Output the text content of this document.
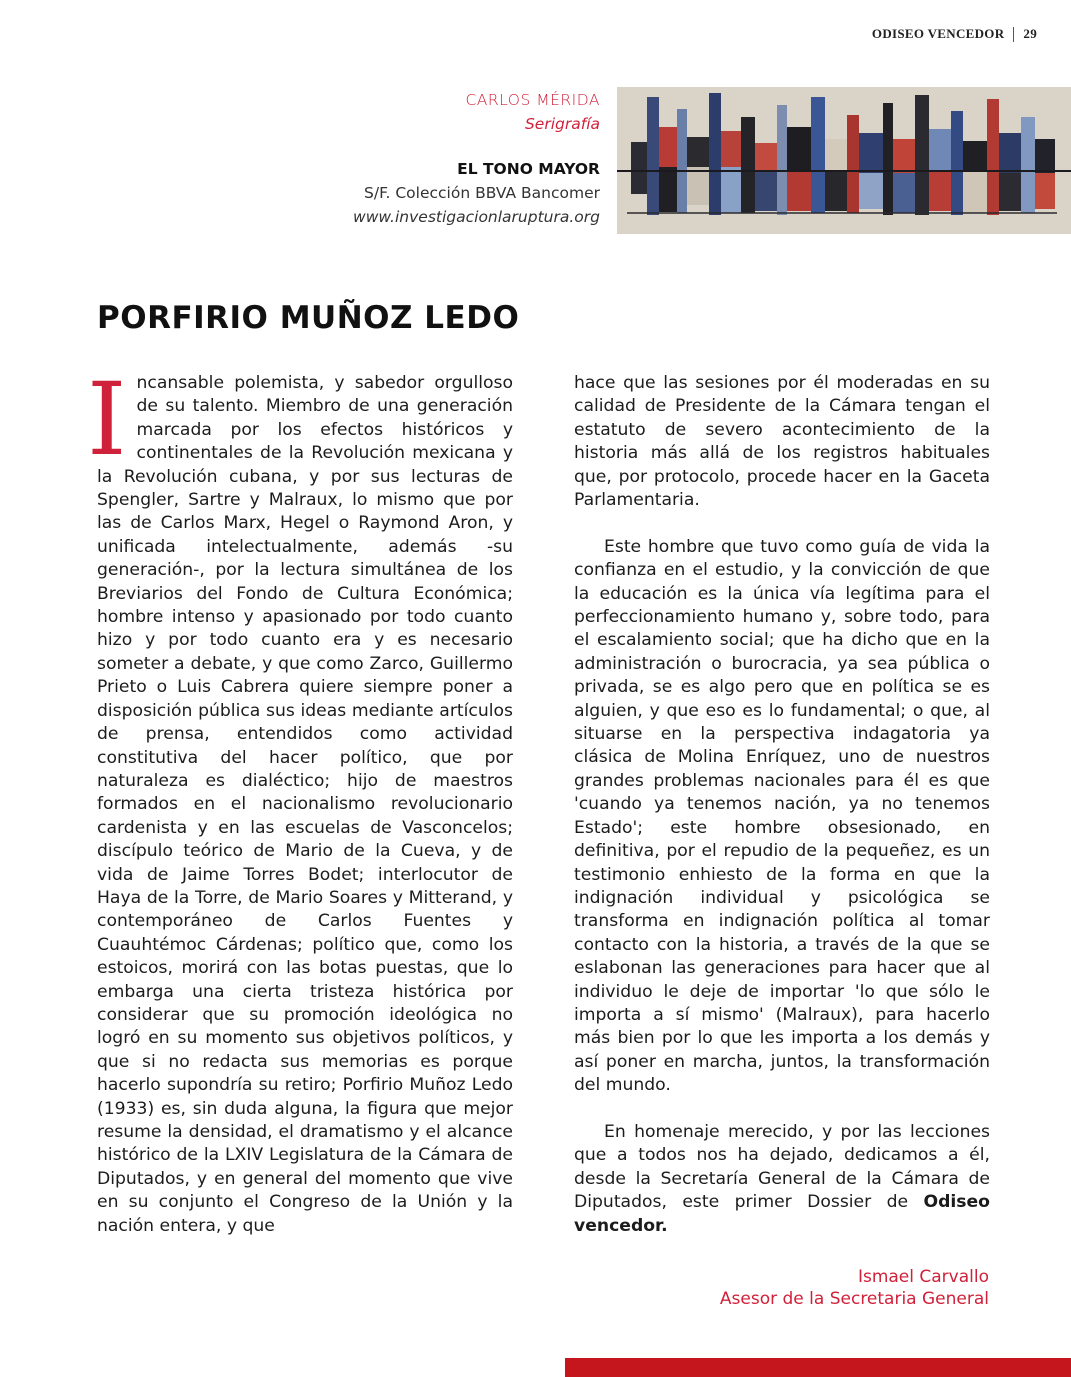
ODISEO VENCEDOR 29
CARLOS MÉRIDA
Serigrafía
EL TONO MAYOR
S/F. Colección BBVA Bancomer
www.investigacionlaruptura.org
PORFIRIO MUÑOZ LEDO
I ncansable polemista, y sabedor orgulloso de su talento. Miembro de una generación marcada por los efectos históricos y continentales de la Revolución mexicana y la Revolución cubana, y por sus lecturas de Spengler, Sartre y Malraux, lo mismo que por las de Carlos Marx, Hegel o Raymond Aron, y unificada intelectualmente, además -su generación-, por la lectura simultánea de los Breviarios del Fondo de Cultura Económica; hombre intenso y apasionado por todo cuanto hizo y por todo cuanto era y es necesario someter a debate, y que como Zarco, Guillermo Prieto o Luis Cabrera quiere siempre poner a disposición pública sus ideas mediante artículos de prensa, entendidos como actividad constitutiva del hacer político, que por naturaleza es dialéctico; hijo de maestros formados en el nacionalismo revolucionario cardenista y en las escuelas de Vasconcelos; discípulo teórico de Mario de la Cueva, y de vida de Jaime Torres Bodet; interlocutor de Haya de la Torre, de Mario Soares y Mitterand, y contemporáneo de Carlos Fuentes y Cuauhtémoc Cárdenas; político que, como los estoicos, morirá con las botas puestas, que lo embarga una cierta tristeza histórica por considerar que su promoción ideológica no logró en su momento sus objetivos políticos, y que si no redacta sus memorias es porque hacerlo supondría su retiro; Porfirio Muñoz Ledo (1933) es, sin duda alguna, la figura que mejor resume la densidad, el dramatismo y el alcance histórico de la LXIV Legislatura de la Cámara de Diputados, y en general del momento que vive en su conjunto el Congreso de la Unión y la nación entera, y que

hace que las sesiones por él moderadas en su calidad de Presidente de la Cámara tengan el estatuto de severo acontecimiento de la historia más allá de los registros habituales que, por protocolo, procede hacer en la Gaceta Parlamentaria.

Este hombre que tuvo como guía de vida la confianza en el estudio, y la convicción de que la educación es la única vía legítima para el perfeccionamiento humano y, sobre todo, para el escalamiento social; que ha dicho que en la administración o burocracia, ya sea pública o privada, se es algo pero que en política se es alguien, y que eso es lo fundamental; o que, al situarse en la perspectiva indagatoria ya clásica de Molina Enríquez, uno de nuestros grandes problemas nacionales para él es que 'cuando ya tenemos nación, ya no tenemos Estado'; este hombre obsesionado, en definitiva, por el repudio de la pequeñez, es un testimonio enhiesto de la forma en que la indignación individual y psicológica se transforma en indignación política al tomar contacto con la historia, a través de la que se eslabonan las generaciones para hacer que al individuo le deje de importar 'lo que sólo le importa a sí mismo' (Malraux), para hacerlo más bien por lo que les importa a los demás y así poner en marcha, juntos, la transformación del mundo.

En homenaje merecido, y por las lecciones que a todos nos ha dejado, dedicamos a él, desde la Secretaría General de la Cámara de Diputados, este primer Dossier de Odiseo vencedor.

Ismael Carvallo
Asesor de la Secretaria General
